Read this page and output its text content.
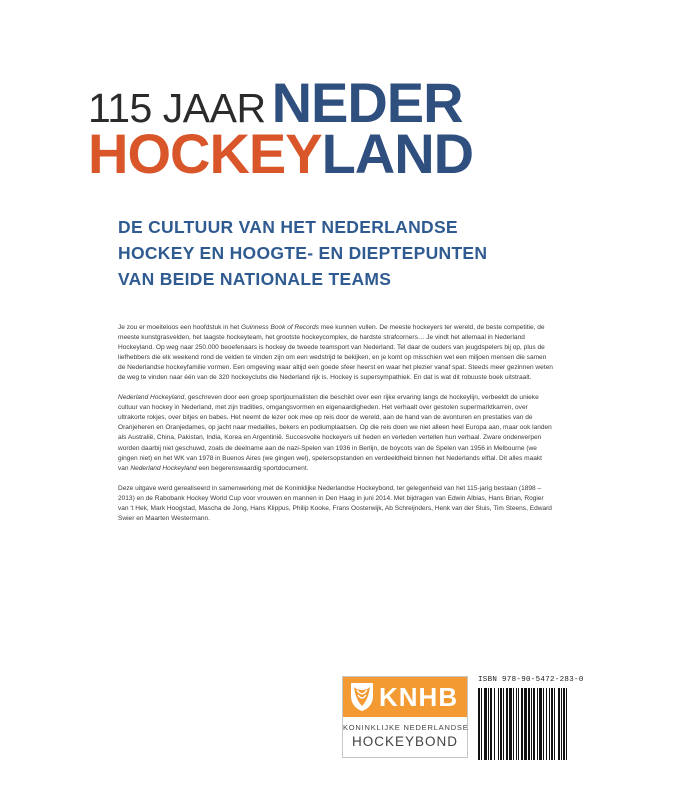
115 JAAR NEDER
HOCKEYLAND
DE CULTUUR VAN HET NEDERLANDSE
HOCKEY EN HOOGTE- EN DIEPTEPUNTEN
VAN BEIDE NATIONALE TEAMS

Je zou er moeiteloos een hoofdstuk in het Guinness Book of Records mee kunnen vullen. De meeste hockeyers ter wereld, de beste competitie, de meeste kunstgrasvelden, het laagste hockeyteam, het grootste hockeycomplex, de hardste strafcorners… Je vindt het allemaal in Nederland Hockeyland. Op weg naar 250.000 beoefenaars is hockey de tweede teamsport van Nederland. Tel daar de ouders van jeugdspelers bij op, plus de liefhebbers die elk weekend rond de velden te vinden zijn om een wedstrijd te bekijken, en je komt op misschien wel een miljoen mensen die samen de Nederlandse hockeyfamilie vormen. Een omgeving waar altijd een goede sfeer heerst en waar het plezier vanaf spat. Steeds meer gezinnen weten de weg te vinden naar één van de 320 hockeyclubs die Nederland rijk is. Hockey is supersympathiek. En dat is wat dit robuuste boek uitstraalt.

Nederland Hockeyland, geschreven door een groep sportjournalisten die beschikt over een rijke ervaring langs de hockeylijn, verbeeldt de unieke cultuur van hockey in Nederland, met zijn tradities, omgangsvormen en eigenaardigheden. Het verhaalt over gestolen supermarktkarren, over ultrakorte rokjes, over bitjes en babes. Het neemt de lezer ook mee op reis door de wereld, aan de hand van de avonturen en prestaties van de Oranjeheren en Oranjedames, op jacht naar medailles, bekers en podiumplaatsen. Op die reis doen we niet alleen heel Europa aan, maar ook landen als Australië, China, Pakistan, India, Korea en Argentinië. Succesvolle hockeyers uit heden en verleden vertellen hun verhaal. Zware onderwerpen worden daarbij niet geschuwd, zoals de deelname aan de nazi-Spelen van 1936 in Berlijn, de boycots van de Spelen van 1956 in Melbourne (we gingen niet) en het WK van 1978 in Buenos Aires (we gingen wel), spelersopstanden en verdeeldheid binnen het Nederlands elftal. Dit alles maakt van Nederland Hockeyland een begerenswaardig sportdocument.

Deze uitgave werd gerealiseerd in samenwerking met de Koninklijke Nederlandse Hockeybond, ter gelegenheid van het 115-jarig bestaan (1898 – 2013) en de Rabobank Hockey World Cup voor vrouwen en mannen in Den Haag in juni 2014. Met bijdragen van Edwin Albias, Hans Brian, Rogier van 't Hek, Mark Hoogstad, Mascha de Jong, Hans Klippus, Philip Kooke, Frans Oosterwijk, Ab Schreijnders, Henk van der Sluis, Tim Steens, Edward Swier en Maarten Westermann.

KNHB
KONINKLIJKE NEDERLANDSE
HOCKEYBOND
ISBN 978-90-5472-283-0
